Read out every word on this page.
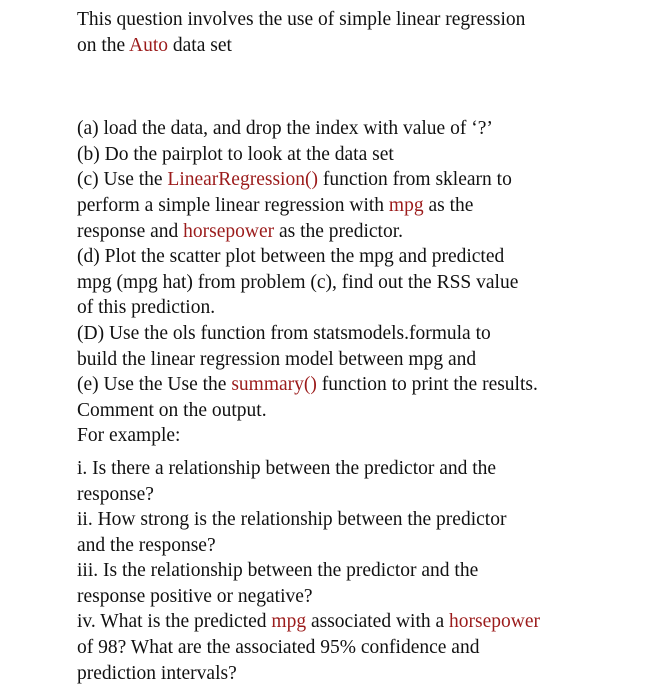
This question involves the use of simple linear regression
on the Auto data set
(a) load the data, and drop the index with value of ‘?’
(b) Do the pairplot to look at the data set
(c) Use the LinearRegression() function from sklearn to
perform a simple linear regression with mpg as the
response and horsepower as the predictor.
(d) Plot the scatter plot between the mpg and predicted
mpg (mpg hat) from problem (c), find out the RSS value
of this prediction.
(D) Use the ols function from statsmodels.formula to
build the linear regression model between mpg and
(e) Use the Use the summary() function to print the results.
Comment on the output.
For example:
i. Is there a relationship between the predictor and the
response?
ii. How strong is the relationship between the predictor
and the response?
iii. Is the relationship between the predictor and the
response positive or negative?
iv. What is the predicted mpg associated with a horsepower
of 98? What are the associated 95% confidence and
prediction intervals?
